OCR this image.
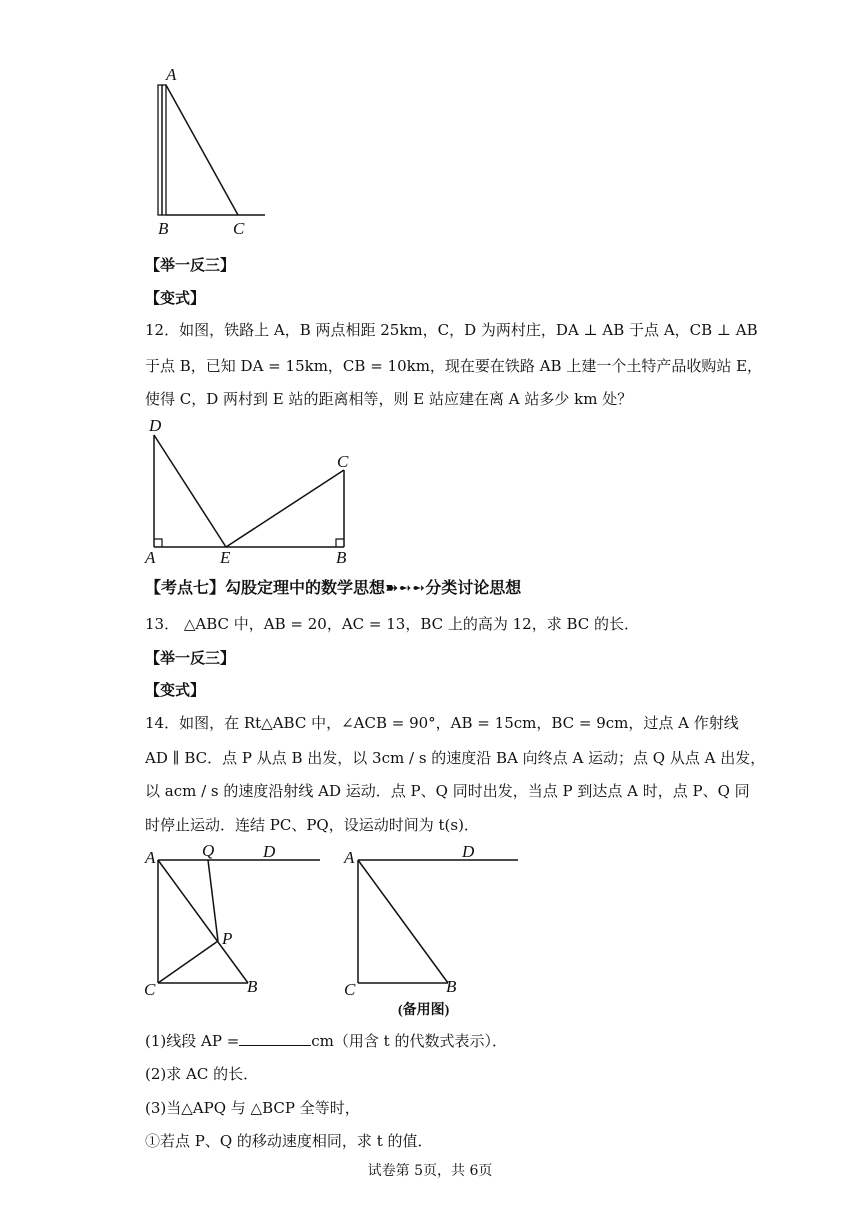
A
B	C
【举一反三】
【变式】
12．如图，铁路上 A，B 两点相距 25km，C，D 为两村庄，DA ⊥ AB 于点 A，CB ⊥ AB
于点 B，已知 DA = 15km，CB = 10km，现在要在铁路 AB 上建一个土特产品收购站 E，
使得 C，D 两村到 E 站的距离相等，则 E 站应建在离 A 站多少 km 处？
D
C
A	E	B
【考点七】勾股定理中的数学思想➽➻➻分类讨论思想
13． △ABC 中，AB = 20，AC = 13，BC 上的高为 12，求 BC 的长．
【举一反三】
【变式】
14．如图，在 Rt△ABC 中，∠ACB = 90°，AB = 15cm，BC = 9cm，过点 A 作射线
AD ∥ BC．点 P 从点 B 出发，以 3cm / s 的速度沿 BA 向终点 A 运动；点 Q 从点 A 出发，
以 acm / s 的速度沿射线 AD 运动．点 P、Q 同时出发，当点 P 到达点 A 时，点 P、Q 同
时停止运动．连结 PC、PQ，设运动时间为 t(s)．
A	Q	D
P
C	B
A	D
C	B
(备用图)
(1)线段 AP =	cm（用含 t 的代数式表示）．
(2)求 AC 的长．
(3)当△APQ 与 △BCP 全等时，
①若点 P、Q 的移动速度相同，求 t 的值．
试卷第 5页，共 6页
